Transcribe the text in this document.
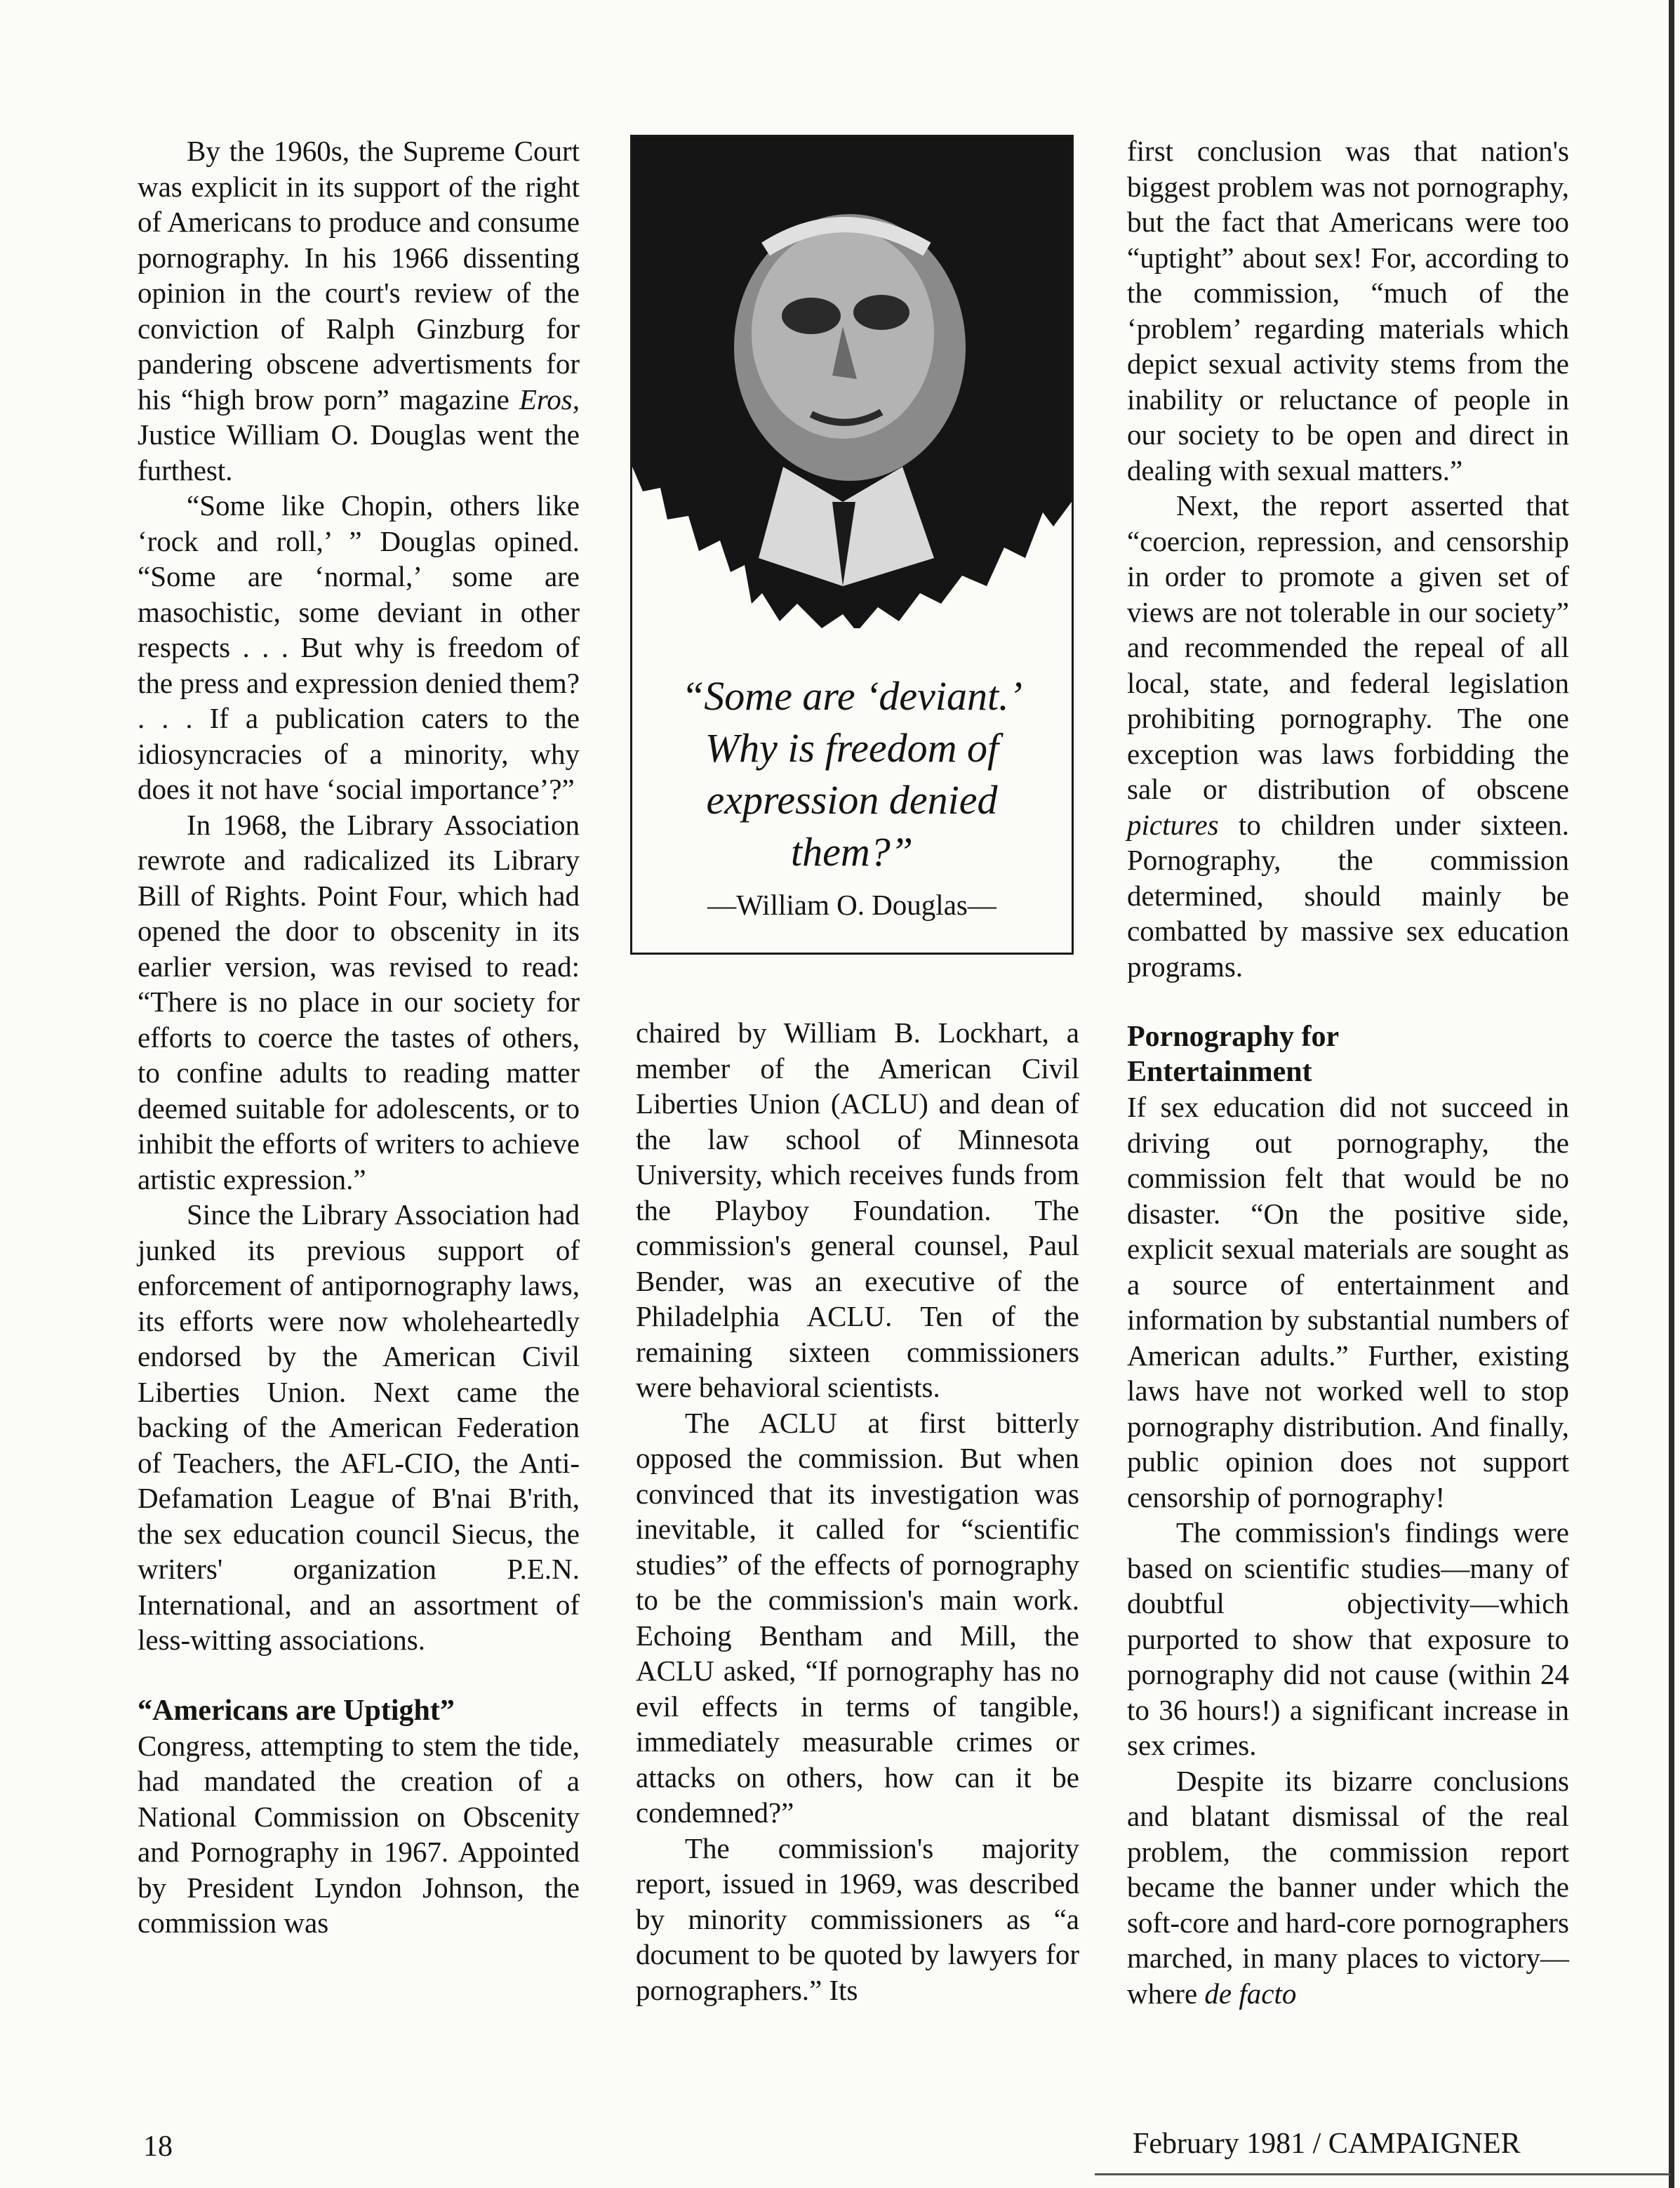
By the 1960s, the Supreme Court was explicit in its support of the right of Americans to produce and consume pornography. In his 1966 dissenting opinion in the court's review of the conviction of Ralph Ginzburg for pandering obscene advertisments for his “high brow porn” magazine Eros, Justice William O. Douglas went the furthest.

“Some like Chopin, others like ‘rock and roll,’ ” Douglas opined. “Some are ‘normal,’ some are masochistic, some deviant in other respects . . . But why is freedom of the press and expression denied them? . . . If a publication caters to the idiosyncracies of a minority, why does it not have ‘social importance’?”

In 1968, the Library Association rewrote and radicalized its Library Bill of Rights. Point Four, which had opened the door to obscenity in its earlier version, was revised to read: “There is no place in our society for efforts to coerce the tastes of others, to confine adults to reading matter deemed suitable for adolescents, or to inhibit the efforts of writers to achieve artistic expression.”

Since the Library Association had junked its previous support of enforcement of antipornography laws, its efforts were now wholeheartedly endorsed by the American Civil Liberties Union. Next came the backing of the American Federation of Teachers, the AFL-CIO, the Anti-Defamation League of B'nai B'rith, the sex education council Siecus, the writers' organization P.E.N. International, and an assortment of less-witting associations.

“Americans are Uptight”

Congress, attempting to stem the tide, had mandated the creation of a National Commission on Obscenity and Pornography in 1967. Appointed by President Lyndon Johnson, the commission was

“Some are ‘deviant.’ Why is freedom of expression denied them?”
—William O. Douglas—

chaired by William B. Lockhart, a member of the American Civil Liberties Union (ACLU) and dean of the law school of Minnesota University, which receives funds from the Playboy Foundation. The commission's general counsel, Paul Bender, was an executive of the Philadelphia ACLU. Ten of the remaining sixteen commissioners were behavioral scientists.

The ACLU at first bitterly opposed the commission. But when convinced that its investigation was inevitable, it called for “scientific studies” of the effects of pornography to be the commission's main work. Echoing Bentham and Mill, the ACLU asked, “If pornography has no evil effects in terms of tangible, immediately measurable crimes or attacks on others, how can it be condemned?”

The commission's majority report, issued in 1969, was described by minority commissioners as “a document to be quoted by lawyers for pornographers.” Its

first conclusion was that nation's biggest problem was not pornography, but the fact that Americans were too “uptight” about sex! For, according to the commission, “much of the ‘problem’ regarding materials which depict sexual activity stems from the inability or reluctance of people in our society to be open and direct in dealing with sexual matters.”

Next, the report asserted that “coercion, repression, and censorship in order to promote a given set of views are not tolerable in our society” and recommended the repeal of all local, state, and federal legislation prohibiting pornography. The one exception was laws forbidding the sale or distribution of obscene pictures to children under sixteen. Pornography, the commission determined, should mainly be combatted by massive sex education programs.

Pornography for
Entertainment

If sex education did not succeed in driving out pornography, the commission felt that would be no disaster. “On the positive side, explicit sexual materials are sought as a source of entertainment and information by substantial numbers of American adults.” Further, existing laws have not worked well to stop pornography distribution. And finally, public opinion does not support censorship of pornography!

The commission's findings were based on scientific studies—many of doubtful objectivity—which purported to show that exposure to pornography did not cause (within 24 to 36 hours!) a significant increase in sex crimes.

Despite its bizarre conclusions and blatant dismissal of the real problem, the commission report became the banner under which the soft-core and hard-core pornographers marched, in many places to victory—where de facto

18	February 1981 / CAMPAIGNER
